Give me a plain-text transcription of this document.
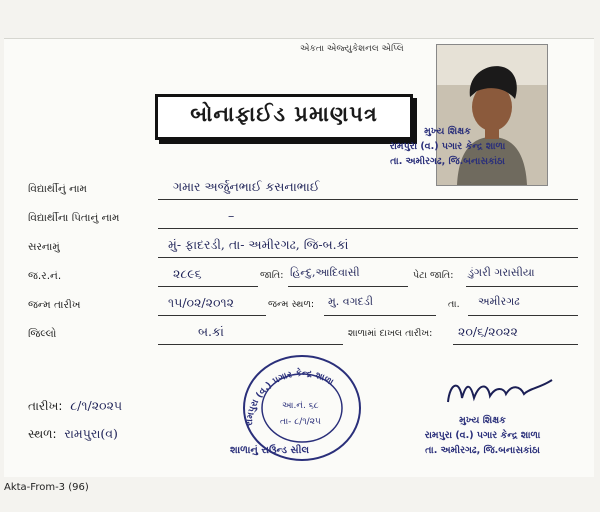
એકતા એજ્યુકેશનલ એપ્લિ
બોનાફાઈડ પ્રમાણપત્ર
મુખ્ય શિક્ષક
રામપુરા (વ.) પગાર કેન્દ્ર શાળા
તા. અમીરગઢ, જિ.બનાસકાંઠા
વિદ્યાર્થીનું નામ	ગમાર અર્જુનભાઈ કસનાભાઈ
વિદ્યાર્થીના પિતાનું નામ	–
સરનામું	મું- ફાદરડી, તા- અમીરગઢ, જિ-બ.કાં
જ.ર.નં.	૨૮૯૬	જાતિ: હિન્દુ,આદિવાસી	પેટા જાતિ: ડુંગરી ગરાસીયા
જન્મ તારીખ	૧૫/૦૨/૨૦૧૨	જન્મ સ્થળ: મુ. વગદડી	તા. અમીરગઢ
જિલ્લો	બ.કાં	શાળામાં દાખલ તારીખ: ૨૦/૬/૨૦૨૨
તારીખ: ૮/૧/૨૦૨૫
સ્થળ: રામપુરા(વ)
રામપુરા (વ.) પગાર કેન્દ્ર શાળા
આ.નં. ૬૮
તા- ૮/૧/૨૫
શાળાનું રાઉન્ડ સીલ
મુખ્ય શિક્ષક
રામપુરા (વ.) પગાર કેન્દ્ર શાળા
તા. અમીરગઢ, જિ.બનાસકાંઠા
Akta-From-3 (96)
